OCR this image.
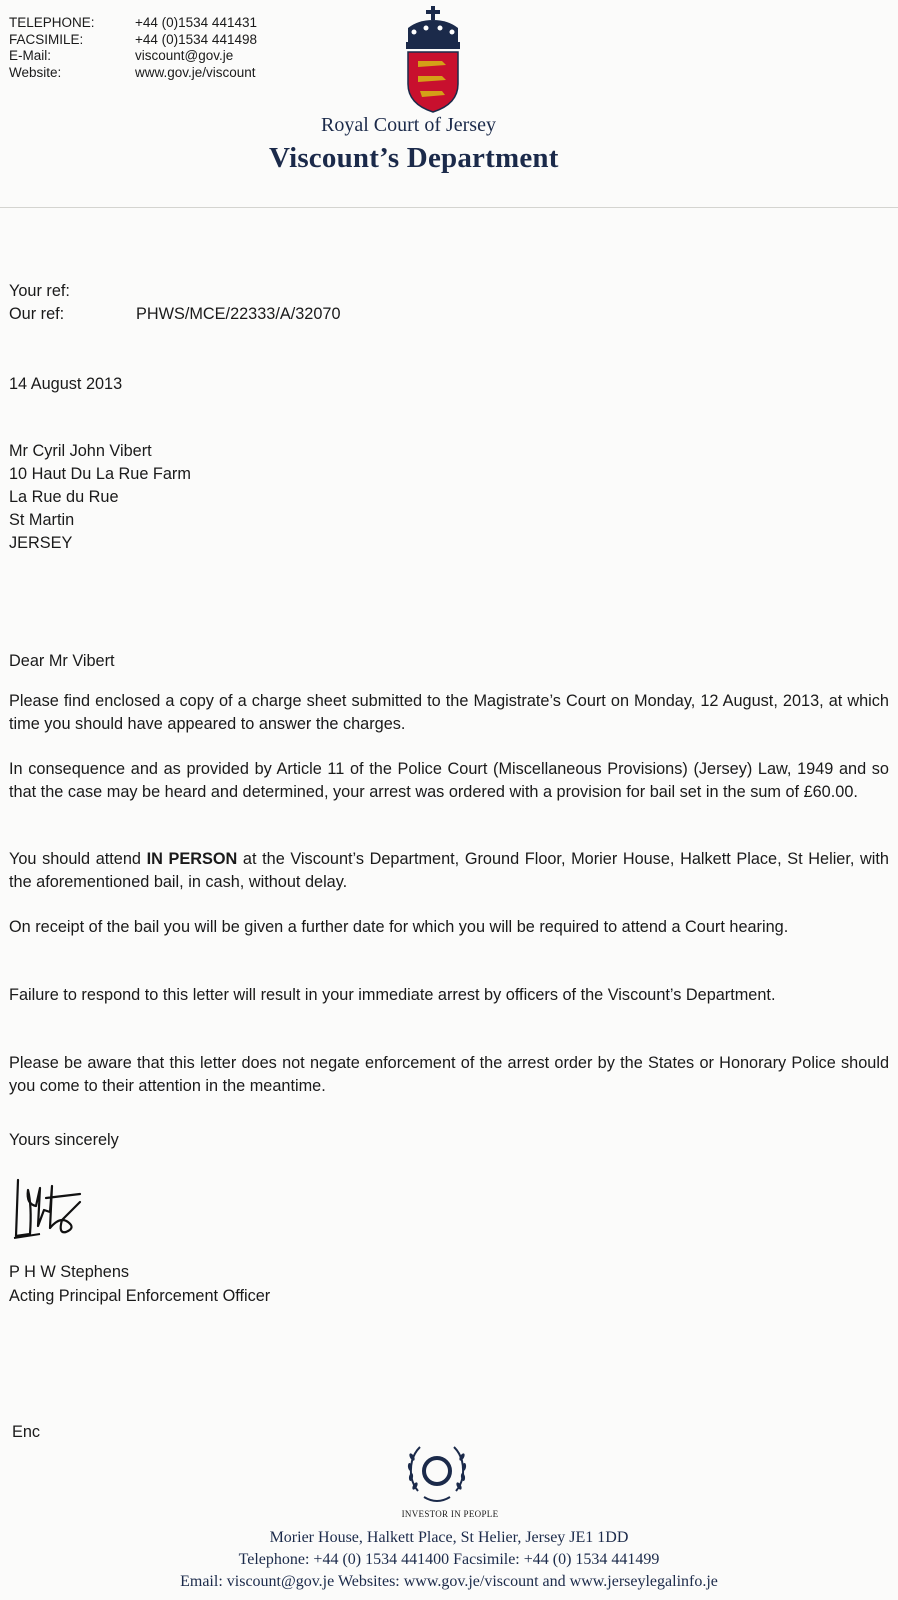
TELEPHONE:	+44 (0)1534 441431
FACSIMILE:	+44 (0)1534 441498
E-Mail:	viscount@gov.je
Website:	www.gov.je/viscount
Royal Court of Jersey
Viscount’s Department
Your ref:
Our ref:	PHWS/MCE/22333/A/32070
14 August 2013
Mr Cyril John Vibert
10 Haut Du La Rue Farm
La Rue du Rue
St Martin
JERSEY
Dear Mr Vibert

Please find enclosed a copy of a charge sheet submitted to the Magistrate’s Court on Monday, 12 August, 2013, at which time you should have appeared to answer the charges.

In consequence and as provided by Article 11 of the Police Court (Miscellaneous Provisions) (Jersey) Law, 1949 and so that the case may be heard and determined, your arrest was ordered with a provision for bail set in the sum of £60.00.

You should attend IN PERSON at the Viscount’s Department, Ground Floor, Morier House, Halkett Place, St Helier, with the aforementioned bail, in cash, without delay.

On receipt of the bail you will be given a further date for which you will be required to attend a Court hearing.

Failure to respond to this letter will result in your immediate arrest by officers of the Viscount’s Department.

Please be aware that this letter does not negate enforcement of the arrest order by the States or Honorary Police should you come to their attention in the meantime.

Yours sincerely
P H W Stephens
Acting Principal Enforcement Officer
Enc
INVESTOR IN PEOPLE
Morier House, Halkett Place, St Helier, Jersey JE1 1DD
Telephone: +44 (0) 1534 441400 Facsimile: +44 (0) 1534 441499
Email: viscount@gov.je Websites: www.gov.je/viscount and www.jerseylegalinfo.je
